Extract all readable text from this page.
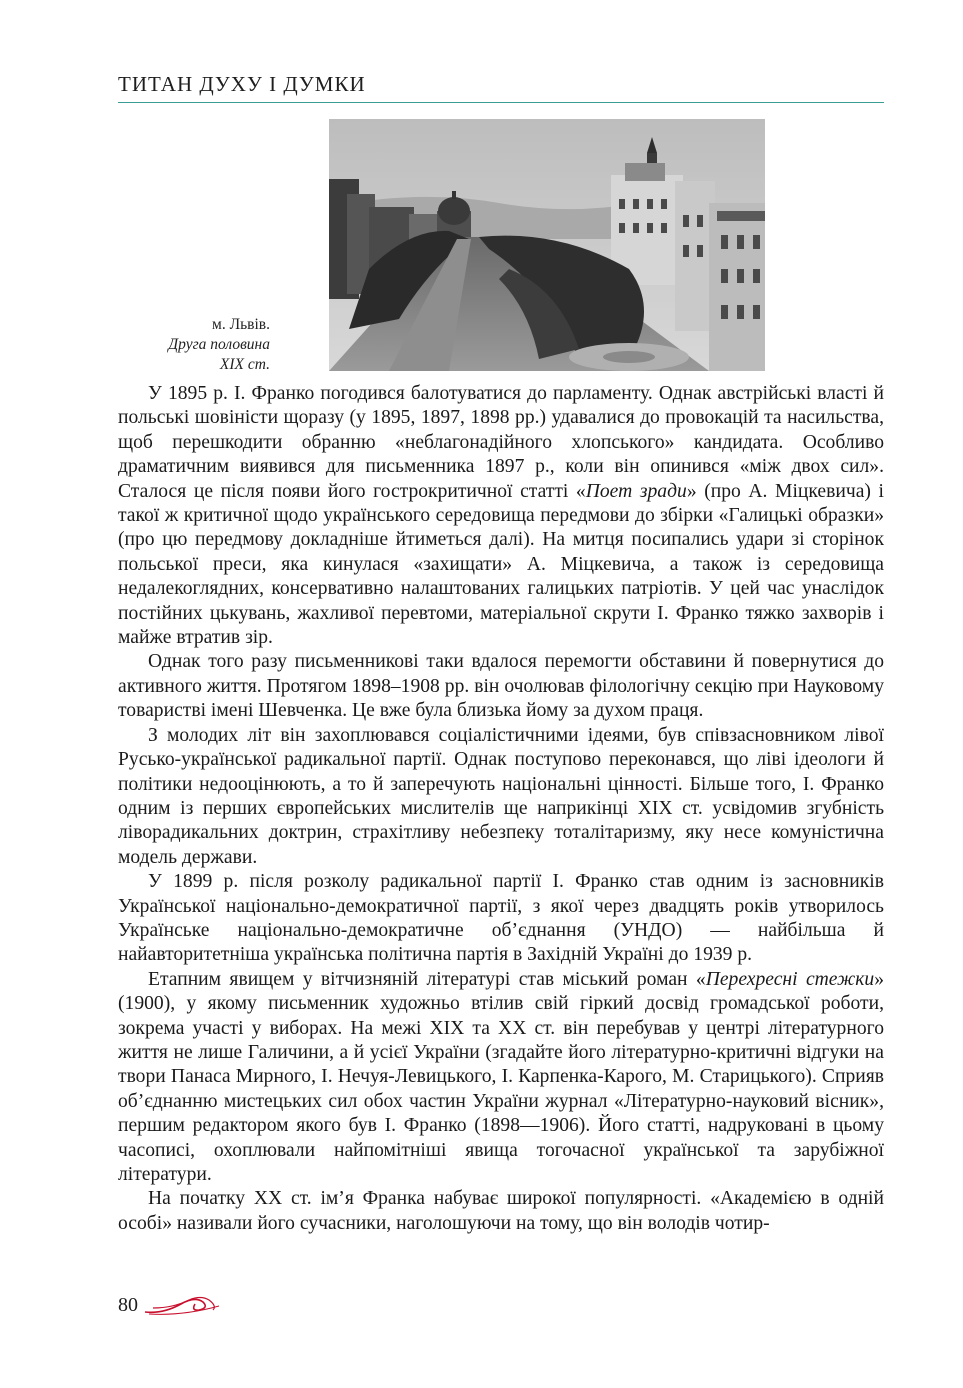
ТИТАН ДУХУ І ДУМКИ
м. Львів.
Друга половина
XIX ст.

У 1895 р. І. Франко погодився балотуватися до парламенту. Однак австрійські власті й польські шовіністи щоразу (у 1895, 1897, 1898 рр.) удавалися до провокацій та насильства, щоб перешкодити обранню «неблагонадійного хлопського» кандидата. Особливо драматичним виявився для письменника 1897 р., коли він опинився «між двох сил». Сталося це після появи його гострокритичної статті «Поет зради» (про А. Міцкевича) і такої ж критичної щодо українського середовища передмови до збірки «Галицькі образки» (про цю передмову докладніше йтиметься далі). На митця посипались удари зі сторінок польської преси, яка кинулася «захищати» А. Міцкевича, а також із середовища недалекоглядних, консервативно налаштованих галицьких патріотів. У цей час унаслідок постійних цькувань, жахливої перевтоми, матеріальної скрути І. Франко тяжко захворів і майже втратив зір.

Однак того разу письменникові таки вдалося перемогти обставини й повернутися до активного життя. Протягом 1898–1908 рр. він очолював філологічну секцію при Науковому товаристві імені Шевченка. Це вже була близька йому за духом праця.

З молодих літ він захоплювався соціалістичними ідеями, був співзасновником лівої Русько-української радикальної партії. Однак поступово переконався, що ліві ідеологи й політики недооцінюють, а то й заперечують національні цінності. Більше того, І. Франко одним із перших європейських мислителів ще наприкінці XIX ст. усвідомив згубність ліворадикальних доктрин, страхітливу небезпеку тоталітаризму, яку несе комуністична модель держави.

У 1899 р. після розколу радикальної партії І. Франко став одним із засновників Української національно-демократичної партії, з якої через двадцять років утворилось Українське національно-демократичне об’єднання (УНДО) — найбільша й найавторитетніша українська політична партія в Західній Україні до 1939 р.

Етапним явищем у вітчизняній літературі став міський роман «Перехресні стежки» (1900), у якому письменник художньо втілив свій гіркий досвід громадської роботи, зокрема участі у виборах. На межі XIX та XX ст. він перебував у центрі літературного життя не лише Галичини, а й усієї України (згадайте його літературно-критичні відгуки на твори Панаса Мирного, І. Нечуя-Левицького, І. Карпенка-Карого, М. Старицького). Сприяв об’єднанню мистецьких сил обох частин України журнал «Літературно-науковий вісник», першим редактором якого був І. Франко (1898—1906). Його статті, надруковані в цьому часописі, охоплювали найпомітніші явища тогочасної української та зарубіжної літератури.

На початку XX ст. ім’я Франка набуває широкої популярності. «Академією в одній особі» називали його сучасники, наголошуючи на тому, що він володів чотир-

80
